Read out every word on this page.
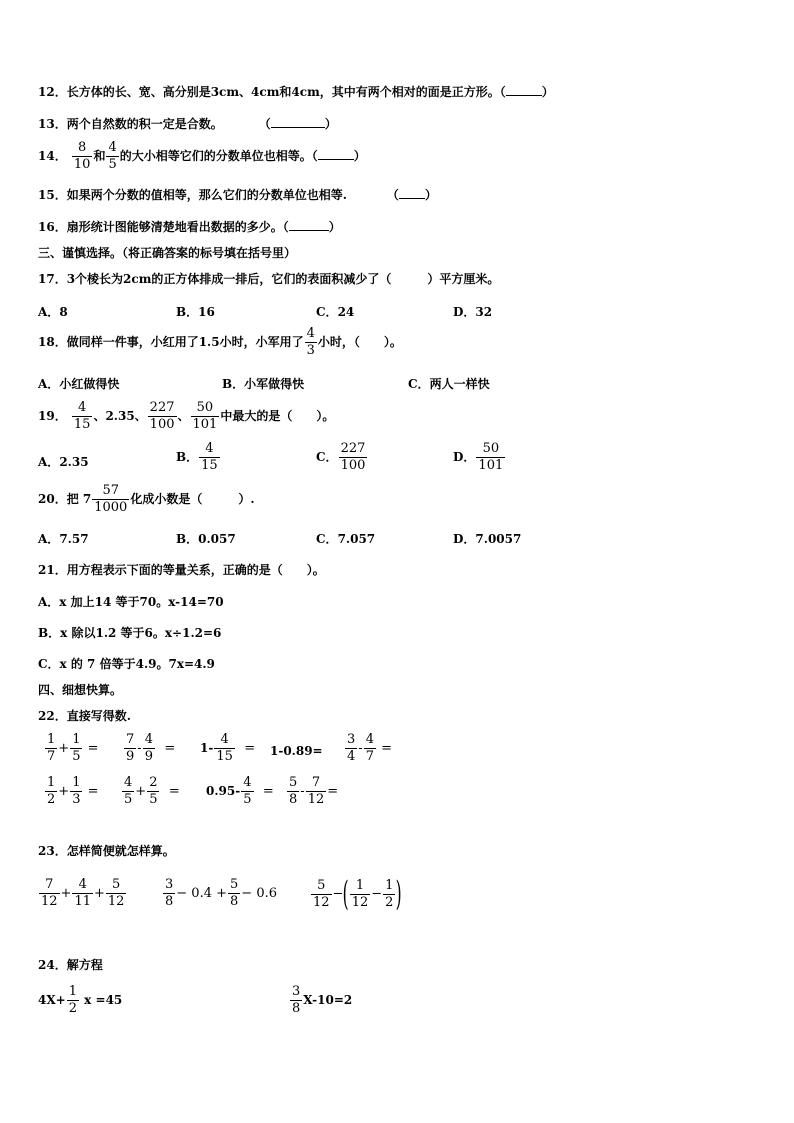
12．长方体的长、宽、高分别是3cm、4cm和4cm，其中有两个相对的面是正方形。（	）
13．两个自然数的积一定是合数。	（	）
14． $\frac{8}{10}$ 和 $\frac{4}{5}$ 的大小相等它们的分数单位也相等。（	）
15．如果两个分数的值相等，那么它们的分数单位也相等.	（ ）
16．扇形统计图能够清楚地看出数据的多少。（	）
三、谨慎选择。（将正确答案的标号填在括号里）
17．3个棱长为2cm的正方体排成一排后，它们的表面积减少了（　　　）平方厘米。
A．8	B．16	C．24	D．32
18．做同样一件事，小红用了1.5小时，小军用了 $\frac{4}{3}$ 小时，（　　）。
A．小红做得快	B．小军做得快	C．两人一样快
19． $\frac{4}{15}$ 、2.35、 $\frac{227}{100}$ 、 $\frac{50}{101}$ 中最大的是（　　）。
A．2.35	B． $\frac{4}{15}$	C． $\frac{227}{100}$	D． $\frac{50}{101}$
20．把 $7 \frac{57}{1000}$ 化成小数是（　　　）.
A．7.57	B．0.057	C．7.057	D．7.0057
21．用方程表示下面的等量关系，正确的是（　　）。
A．x 加上14 等于70。x-14=70
B．x 除以1.2 等于6。x÷1.2=6
C．x 的 7 倍等于4.9。7x=4.9
四、细想快算。
22．直接写得数.
$\frac{1}{7} + \frac{1}{5} = \frac{7}{9} - \frac{4}{9} = 1- \frac{4}{15} = 1-0.89= \frac{3}{4} - \frac{4}{7}$ =
$\frac{1}{2} + \frac{1}{3} = \frac{4}{5} + \frac{2}{5} = 0.95- \frac{4}{5} = \frac{5}{8} - \frac{7}{12}$ =
23．怎样简便就怎样算。
$\frac{7}{12} + \frac{4}{11} + \frac{5}{12}$	$\frac{3}{8} - 0.4 + \frac{5}{8} - 0.6$	$\frac{5}{12}$ −( $\frac{1}{12} - \frac{1}{2}$ )
24．解方程
$4X+ \frac{1}{2}$ x =45	$\frac{3}{8} X-10=2$
